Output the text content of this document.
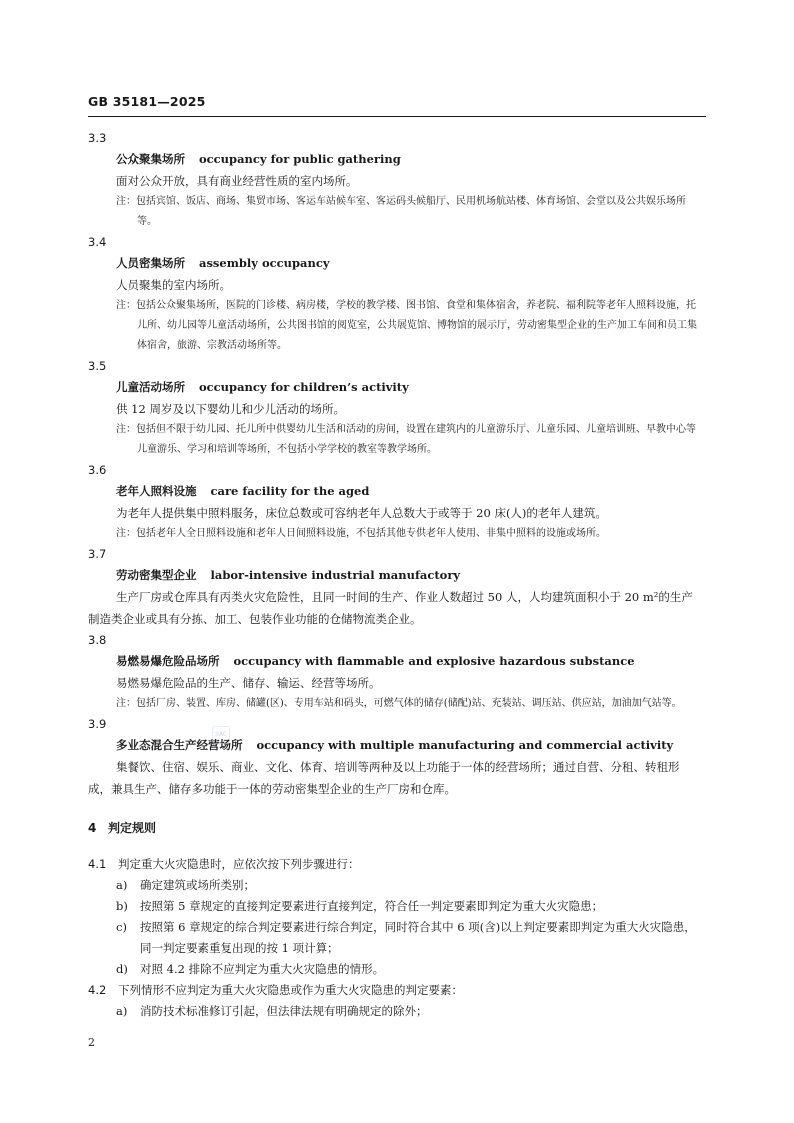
GB 35181—2025
3.3
公众聚集场所 occupancy for public gathering
面对公众开放，具有商业经营性质的室内场所。
注：包括宾馆、饭店、商场、集贸市场、客运车站候车室、客运码头候船厅、民用机场航站楼、体育场馆、会堂以及公共娱乐场所等。
3.4
人员密集场所 assembly occupancy
人员聚集的室内场所。
注：包括公众聚集场所，医院的门诊楼、病房楼，学校的教学楼、图书馆、食堂和集体宿舍，养老院、福利院等老年人照料设施，托儿所、幼儿园等儿童活动场所，公共图书馆的阅览室，公共展览馆、博物馆的展示厅，劳动密集型企业的生产加工车间和员工集体宿舍，旅游、宗教活动场所等。
3.5
儿童活动场所 occupancy for children’s activity
供 12 周岁及以下婴幼儿和少儿活动的场所。
注：包括但不限于幼儿园、托儿所中供婴幼儿生活和活动的房间，设置在建筑内的儿童游乐厅、儿童乐园、儿童培训班、早教中心等儿童游乐、学习和培训等场所，不包括小学学校的教室等教学场所。
3.6
老年人照料设施 care facility for the aged
为老年人提供集中照料服务，床位总数或可容纳老年人总数大于或等于 20 床(人)的老年人建筑。
注：包括老年人全日照料设施和老年人日间照料设施，不包括其他专供老年人使用、非集中照料的设施或场所。
3.7
劳动密集型企业 labor-intensive industrial manufactory
生产厂房或仓库具有丙类火灾危险性，且同一时间的生产、作业人数超过 50 人，人均建筑面积小于 20 m²的生产制造类企业或具有分拣、加工、包装作业功能的仓储物流类企业。
3.8
易燃易爆危险品场所 occupancy with flammable and explosive hazardous substance
易燃易爆危险品的生产、储存、输运、经营等场所。
注：包括厂房、装置、库房、储罐(区)、专用车站和码头，可燃气体的储存(储配)站、充装站、调压站、供应站，加油加气站等。
3.9
多业态混合生产经营场所 occupancy with multiple manufacturing and commercial activity
集餐饮、住宿、娱乐、商业、文化、体育、培训等两种及以上功能于一体的经营场所；通过自营、分租、转租形成，兼具生产、储存多功能于一体的劳动密集型企业的生产厂房和仓库。
4 判定规则
4.1	判定重大火灾隐患时，应依次按下列步骤进行：
a)	确定建筑或场所类别；
b)	按照第 5 章规定的直接判定要素进行直接判定，符合任一判定要素即判定为重大火灾隐患；
c)	按照第 6 章规定的综合判定要素进行综合判定，同时符合其中 6 项(含)以上判定要素即判定为重大火灾隐患，同一判定要素重复出现的按 1 项计算；
d)	对照 4.2 排除不应判定为重大火灾隐患的情形。
4.2	下列情形不应判定为重大火灾隐患或作为重大火灾隐患的判定要素：
a)	消防技术标准修订引起，但法律法规有明确规定的除外；
SAC
2
